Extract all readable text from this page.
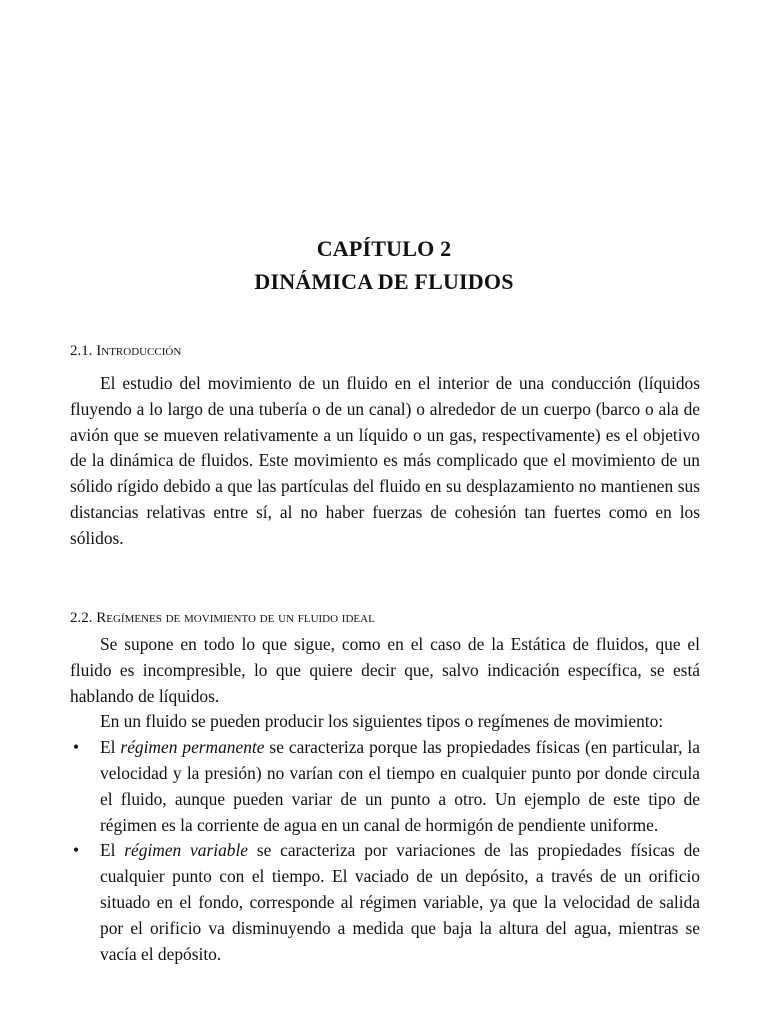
CAPÍTULO 2
DINÁMICA DE FLUIDOS
2.1. Introducción

El estudio del movimiento de un fluido en el interior de una conducción (líquidos fluyendo a lo largo de una tubería o de un canal) o alrededor de un cuerpo (barco o ala de avión que se mueven relativamente a un líquido o un gas, respectivamente) es el objetivo de la dinámica de fluidos. Este movimiento es más complicado que el movimiento de un sólido rígido debido a que las partículas del fluido en su desplazamiento no mantienen sus distancias relativas entre sí, al no haber fuerzas de cohesión tan fuertes como en los sólidos.

2.2. Regímenes de movimiento de un fluido ideal

Se supone en todo lo que sigue, como en el caso de la Estática de fluidos, que el fluido es incompresible, lo que quiere decir que, salvo indicación específica, se está hablando de líquidos.

En un fluido se pueden producir los siguientes tipos o regímenes de movimiento:

• El régimen permanente se caracteriza porque las propiedades físicas (en particular, la velocidad y la presión) no varían con el tiempo en cualquier punto por donde circula el fluido, aunque pueden variar de un punto a otro. Un ejemplo de este tipo de régimen es la corriente de agua en un canal de hormigón de pendiente uniforme.
• El régimen variable se caracteriza por variaciones de las propiedades físicas de cualquier punto con el tiempo. El vaciado de un depósito, a través de un orificio situado en el fondo, corresponde al régimen variable, ya que la velocidad de salida por el orificio va disminuyendo a medida que baja la altura del agua, mientras se vacía el depósito.
